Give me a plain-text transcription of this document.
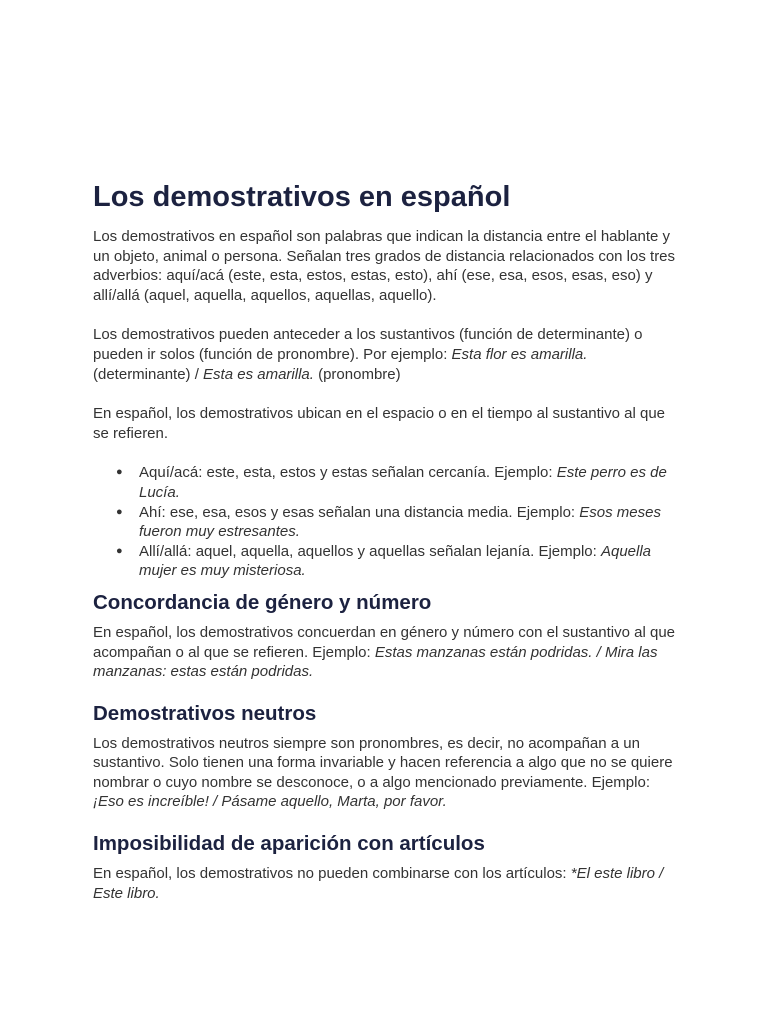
Los demostrativos en español

Los demostrativos en español son palabras que indican la distancia entre el hablante y un objeto, animal o persona. Señalan tres grados de distancia relacionados con los tres adverbios: aquí/acá (este, esta, estos, estas, esto), ahí (ese, esa, esos, esas, eso) y allí/allá (aquel, aquella, aquellos, aquellas, aquello).

Los demostrativos pueden anteceder a los sustantivos (función de determinante) o pueden ir solos (función de pronombre). Por ejemplo: Esta flor es amarilla. (determinante) / Esta es amarilla. (pronombre)

En español, los demostrativos ubican en el espacio o en el tiempo al sustantivo al que se refieren.

● Aquí/acá: este, esta, estos y estas señalan cercanía. Ejemplo: Este perro es de Lucía.
● Ahí: ese, esa, esos y esas señalan una distancia media. Ejemplo: Esos meses fueron muy estresantes.
● Allí/allá: aquel, aquella, aquellos y aquellas señalan lejanía. Ejemplo: Aquella mujer es muy misteriosa.
Concordancia de género y número

En español, los demostrativos concuerdan en género y número con el sustantivo al que acompañan o al que se refieren. Ejemplo: Estas manzanas están podridas. / Mira las manzanas: estas están podridas.

Demostrativos neutros

Los demostrativos neutros siempre son pronombres, es decir, no acompañan a un sustantivo. Solo tienen una forma invariable y hacen referencia a algo que no se quiere nombrar o cuyo nombre se desconoce, o a algo mencionado previamente. Ejemplo: ¡Eso es increíble! / Pásame aquello, Marta, por favor.

Imposibilidad de aparición con artículos

En español, los demostrativos no pueden combinarse con los artículos: *El este libro / Este libro.
